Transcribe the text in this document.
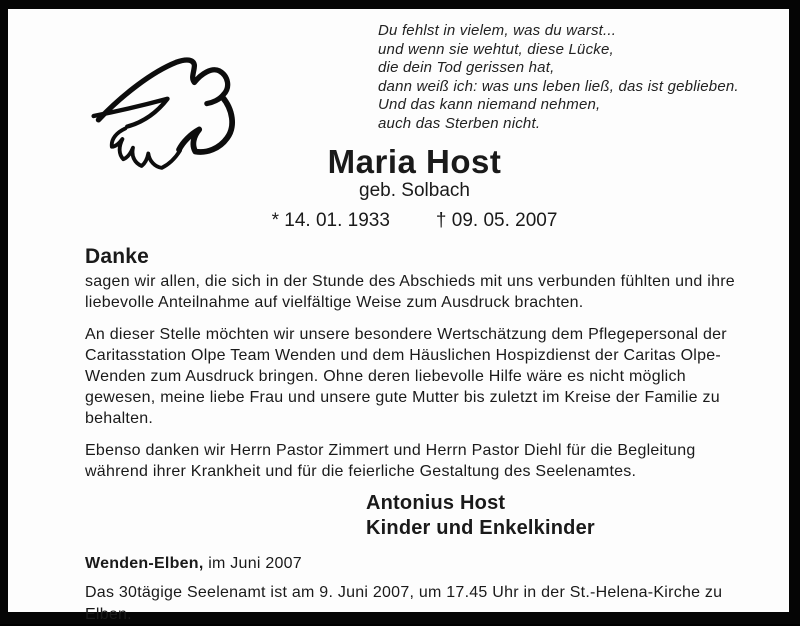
Du fehlst in vielem, was du warst...
und wenn sie wehtut, diese Lücke,
die dein Tod gerissen hat,
dann weiß ich: was uns leben ließ, das ist geblieben.
Und das kann niemand nehmen,
auch das Sterben nicht.
Maria Host
geb. Solbach
* 14. 01. 1933 † 09. 05. 2007
Danke

sagen wir allen, die sich in der Stunde des Abschieds mit uns verbunden fühlten und ihre liebevolle Anteilnahme auf vielfältige Weise zum Ausdruck brachten.

An dieser Stelle möchten wir unsere besondere Wertschätzung dem Pflegepersonal der Caritasstation Olpe Team Wenden und dem Häuslichen Hospizdienst der Caritas Olpe-Wenden zum Ausdruck bringen. Ohne deren liebevolle Hilfe wäre es nicht möglich gewesen, meine liebe Frau und unsere gute Mutter bis zuletzt im Kreise der Familie zu behalten.

Ebenso danken wir Herrn Pastor Zimmert und Herrn Pastor Diehl für die Begleitung während ihrer Krankheit und für die feierliche Gestaltung des Seelenamtes.

Antonius Host
Kinder und Enkelkinder
Wenden-Elben, im Juni 2007
Das 30tägige Seelenamt ist am 9. Juni 2007, um 17.45 Uhr in der St.-Helena-Kirche zu Elben.
